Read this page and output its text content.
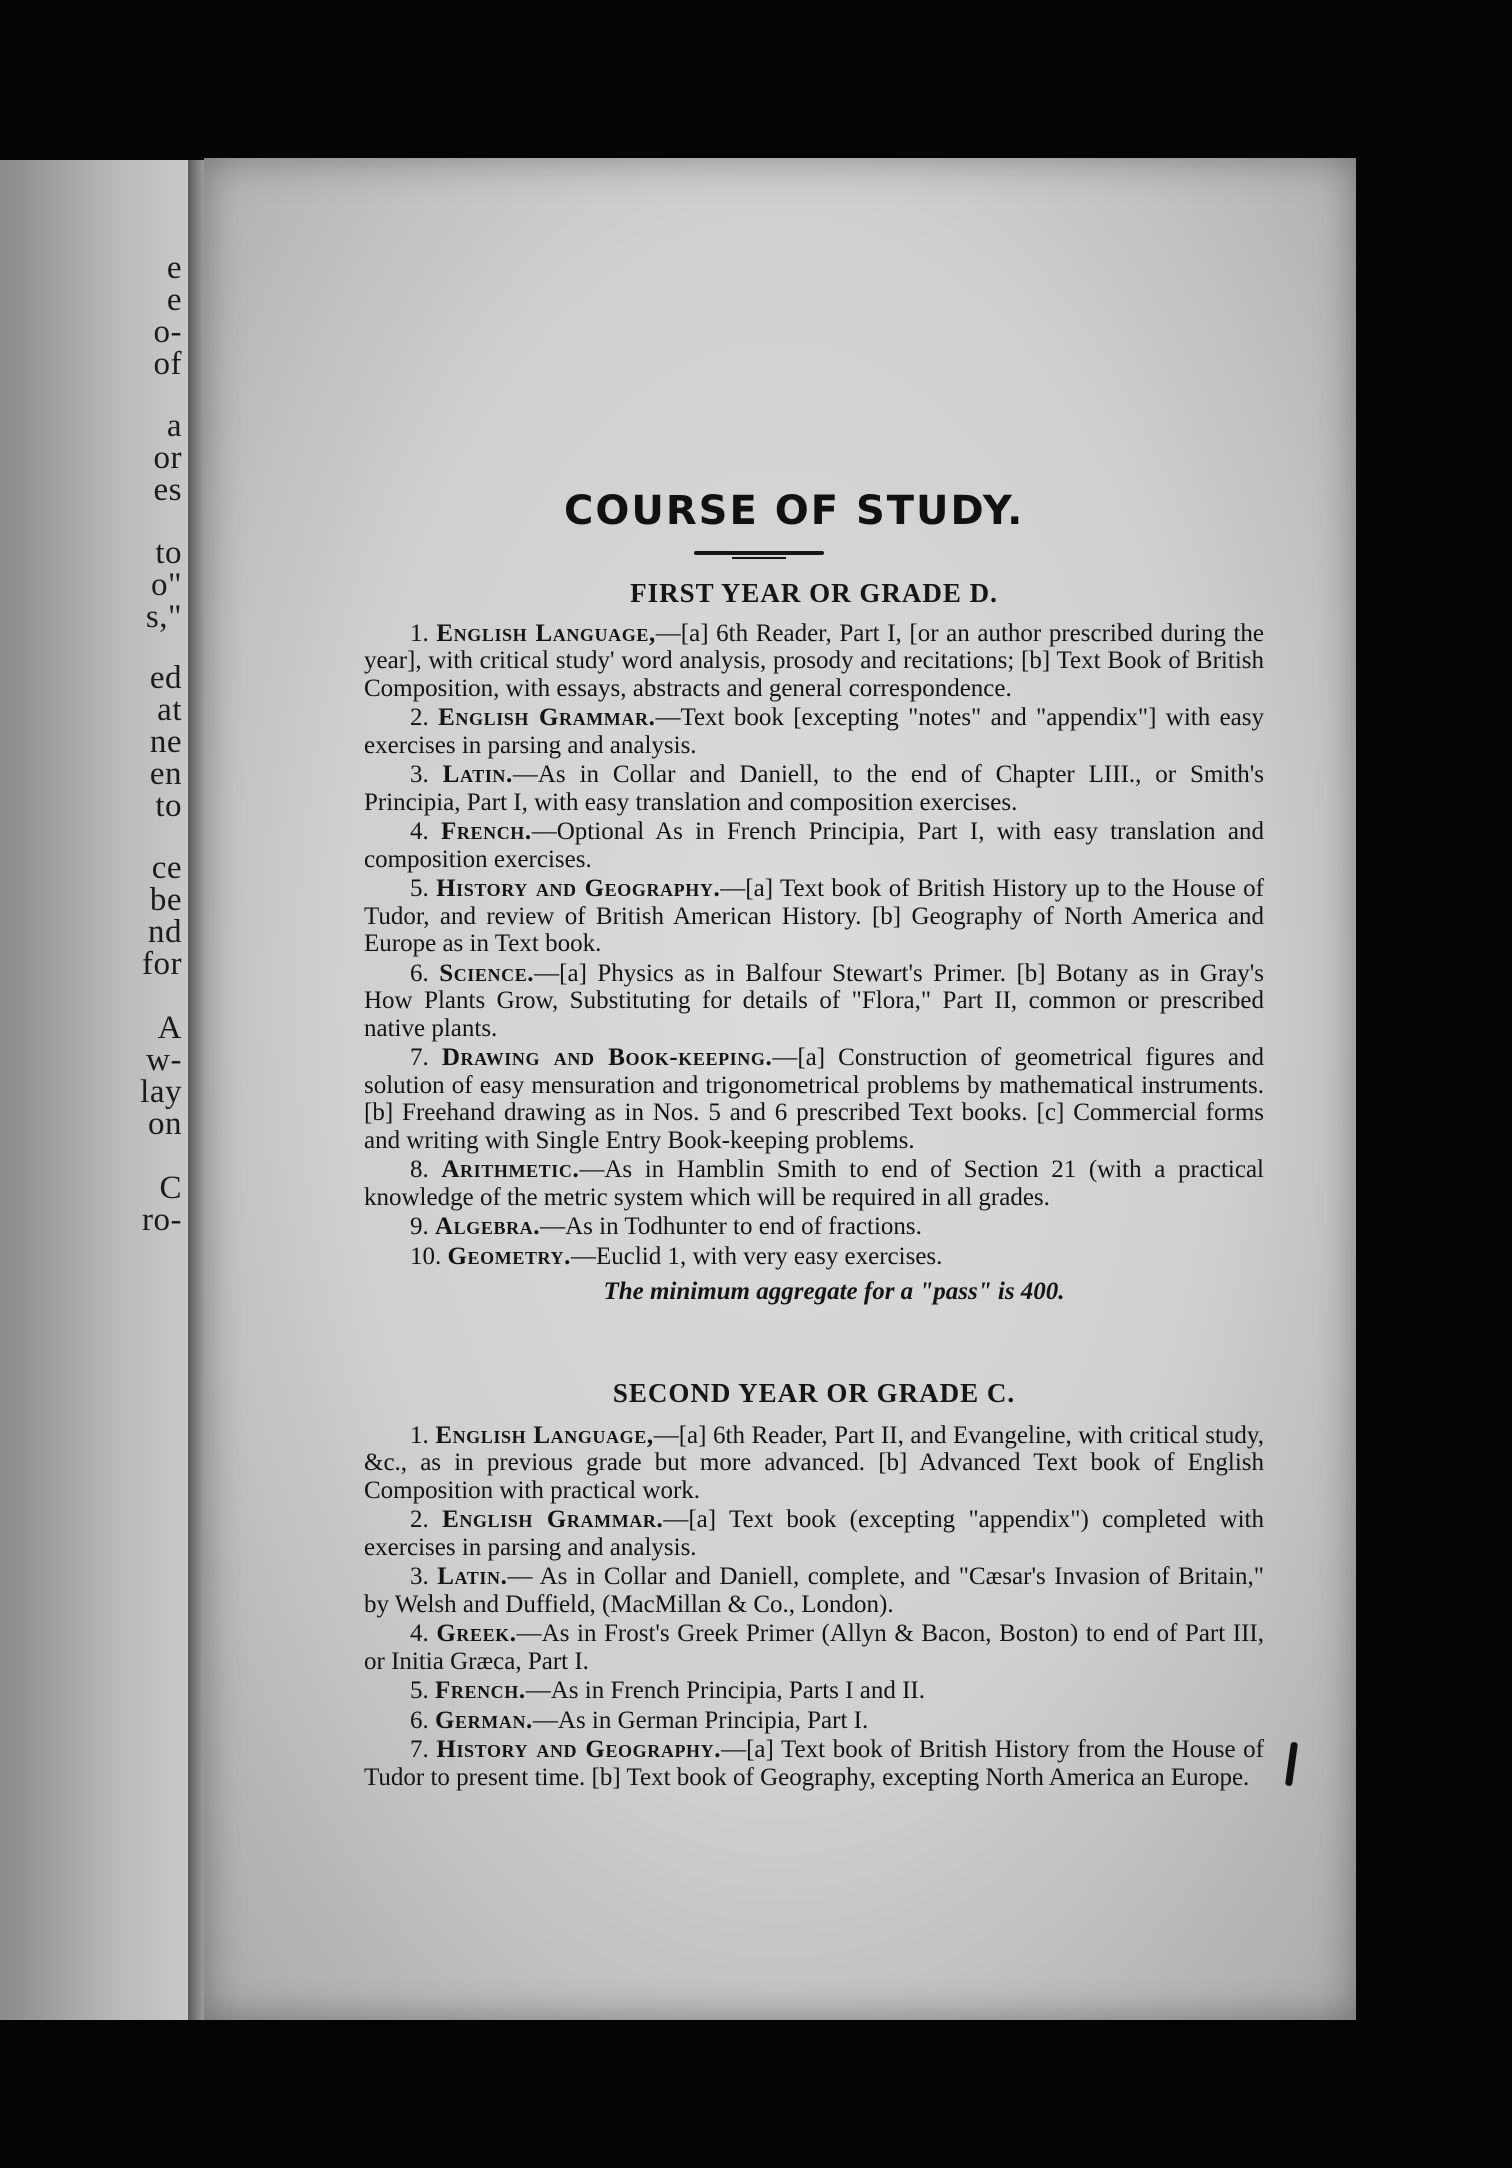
e
e
o-
of
a
or
es
to
o"
s,"
ed
at
ne
en
to
ce
be
nd
for
A
w-
lay
on
C
ro-
COURSE OF STUDY.
FIRST YEAR OR GRADE D.
1. English Language,—[a] 6th Reader, Part I, [or an author prescribed during the year], with critical study' word analysis, prosody and recitations; [b] Text Book of British Composition, with essays, abstracts and general correspondence.
2. English Grammar.—Text book [excepting "notes" and "appendix"] with easy exercises in parsing and analysis.
3. Latin.—As in Collar and Daniell, to the end of Chapter LIII., or Smith's Principia, Part I, with easy translation and composition exercises.
4. French.—Optional As in French Principia, Part I, with easy translation and composition exercises.
5. History and Geography.—[a] Text book of British History up to the House of Tudor, and review of British American History. [b] Geography of North America and Europe as in Text book.
6. Science.—[a] Physics as in Balfour Stewart's Primer. [b] Botany as in Gray's How Plants Grow, Substituting for details of "Flora," Part II, common or prescribed native plants.
7. Drawing and Book-keeping.—[a] Construction of geometrical figures and solution of easy mensuration and trigonometrical problems by mathematical instruments. [b] Freehand drawing as in Nos. 5 and 6 prescribed Text books. [c] Commercial forms and writing with Single Entry Book-keeping problems.
8. Arithmetic.—As in Hamblin Smith to end of Section 21 (with a practical knowledge of the metric system which will be required in all grades.
9. Algebra.—As in Todhunter to end of fractions.
10. Geometry.—Euclid 1, with very easy exercises.
The minimum aggregate for a "pass" is 400.
SECOND YEAR OR GRADE C.
1. English Language,—[a] 6th Reader, Part II, and Evangeline, with critical study, &c., as in previous grade but more advanced. [b] Advanced Text book of English Composition with practical work.
2. English Grammar.—[a] Text book (excepting "appendix") completed with exercises in parsing and analysis.
3. Latin.— As in Collar and Daniell, complete, and "Cæsar's Invasion of Britain," by Welsh and Duffield, (MacMillan & Co., London).
4. Greek.—As in Frost's Greek Primer (Allyn & Bacon, Boston) to end of Part III, or Initia Græca, Part I.
5. French.—As in French Principia, Parts I and II.
6. German.—As in German Principia, Part I.
7. History and Geography.—[a] Text book of British History from the House of Tudor to present time. [b] Text book of Geography, excepting North America an Europe.
